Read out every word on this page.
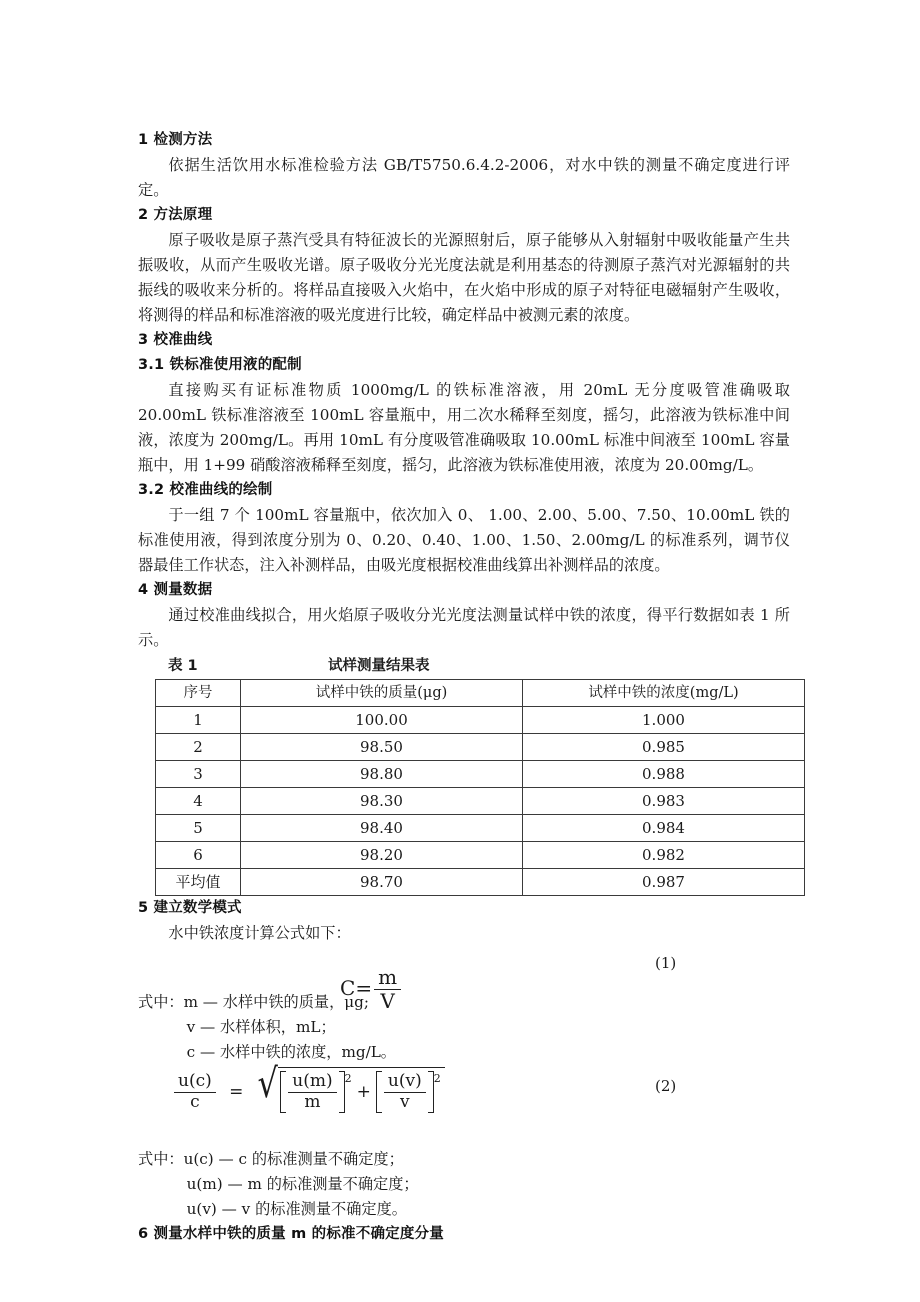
1 检测方法

依据生活饮用水标准检验方法 GB/T5750.6.4.2-2006，对水中铁的测量不确定度进行评定。

2 方法原理

原子吸收是原子蒸汽受具有特征波长的光源照射后，原子能够从入射辐射中吸收能量产生共振吸收，从而产生吸收光谱。原子吸收分光光度法就是利用基态的待测原子蒸汽对光源辐射的共振线的吸收来分析的。将样品直接吸入火焰中，在火焰中形成的原子对特征电磁辐射产生吸收，将测得的样品和标准溶液的吸光度进行比较，确定样品中被测元素的浓度。

3 校准曲线
3.1 铁标准使用液的配制

直接购买有证标准物质 1000mg/L 的铁标准溶液，用 20mL 无分度吸管准确吸取 20.00mL 铁标准溶液至 100mL 容量瓶中，用二次水稀释至刻度，摇匀，此溶液为铁标准中间液，浓度为 200mg/L。再用 10mL 有分度吸管准确吸取 10.00mL 标准中间液至 100mL 容量瓶中，用 1+99 硝酸溶液稀释至刻度，摇匀，此溶液为铁标准使用液，浓度为 20.00mg/L。

3.2 校准曲线的绘制

于一组 7 个 100mL 容量瓶中，依次加入 0、 1.00、2.00、5.00、7.50、10.00mL 铁的标准使用液，得到浓度分别为 0、0.20、0.40、1.00、1.50、2.00mg/L 的标准系列，调节仪器最佳工作状态，注入补测样品，由吸光度根据校准曲线算出补测样品的浓度。

4 测量数据

通过校准曲线拟合，用火焰原子吸收分光光度法测量试样中铁的浓度，得平行数据如表 1 所示。

表 1	试样测量结果表
序号	试样中铁的质量(μg)	试样中铁的浓度(mg/L)
1	100.00	1.000
2	98.50	0.985
3	98.80	0.988
4	98.30	0.983
5	98.40	0.984
6	98.20	0.982
平均值	98.70	0.987
5 建立数学模式

水中铁浓度计算公式如下：

(1)
$C= \frac{m}{V}$

式中：m — 水样中铁的质量，μg;

v — 水样体积，mL；

c — 水样中铁的浓度，mg/L。

(2)
$\frac{u(c)}{c}$ = √ $\frac{u(m)}{m} 2$
+ $\frac{u(v)}{v} 2$

式中：u(c) — c 的标准测量不确定度；

u(m) — m 的标准测量不确定度；

u(v) — v 的标准测量不确定度。

6 测量水样中铁的质量 m 的标准不确定度分量
